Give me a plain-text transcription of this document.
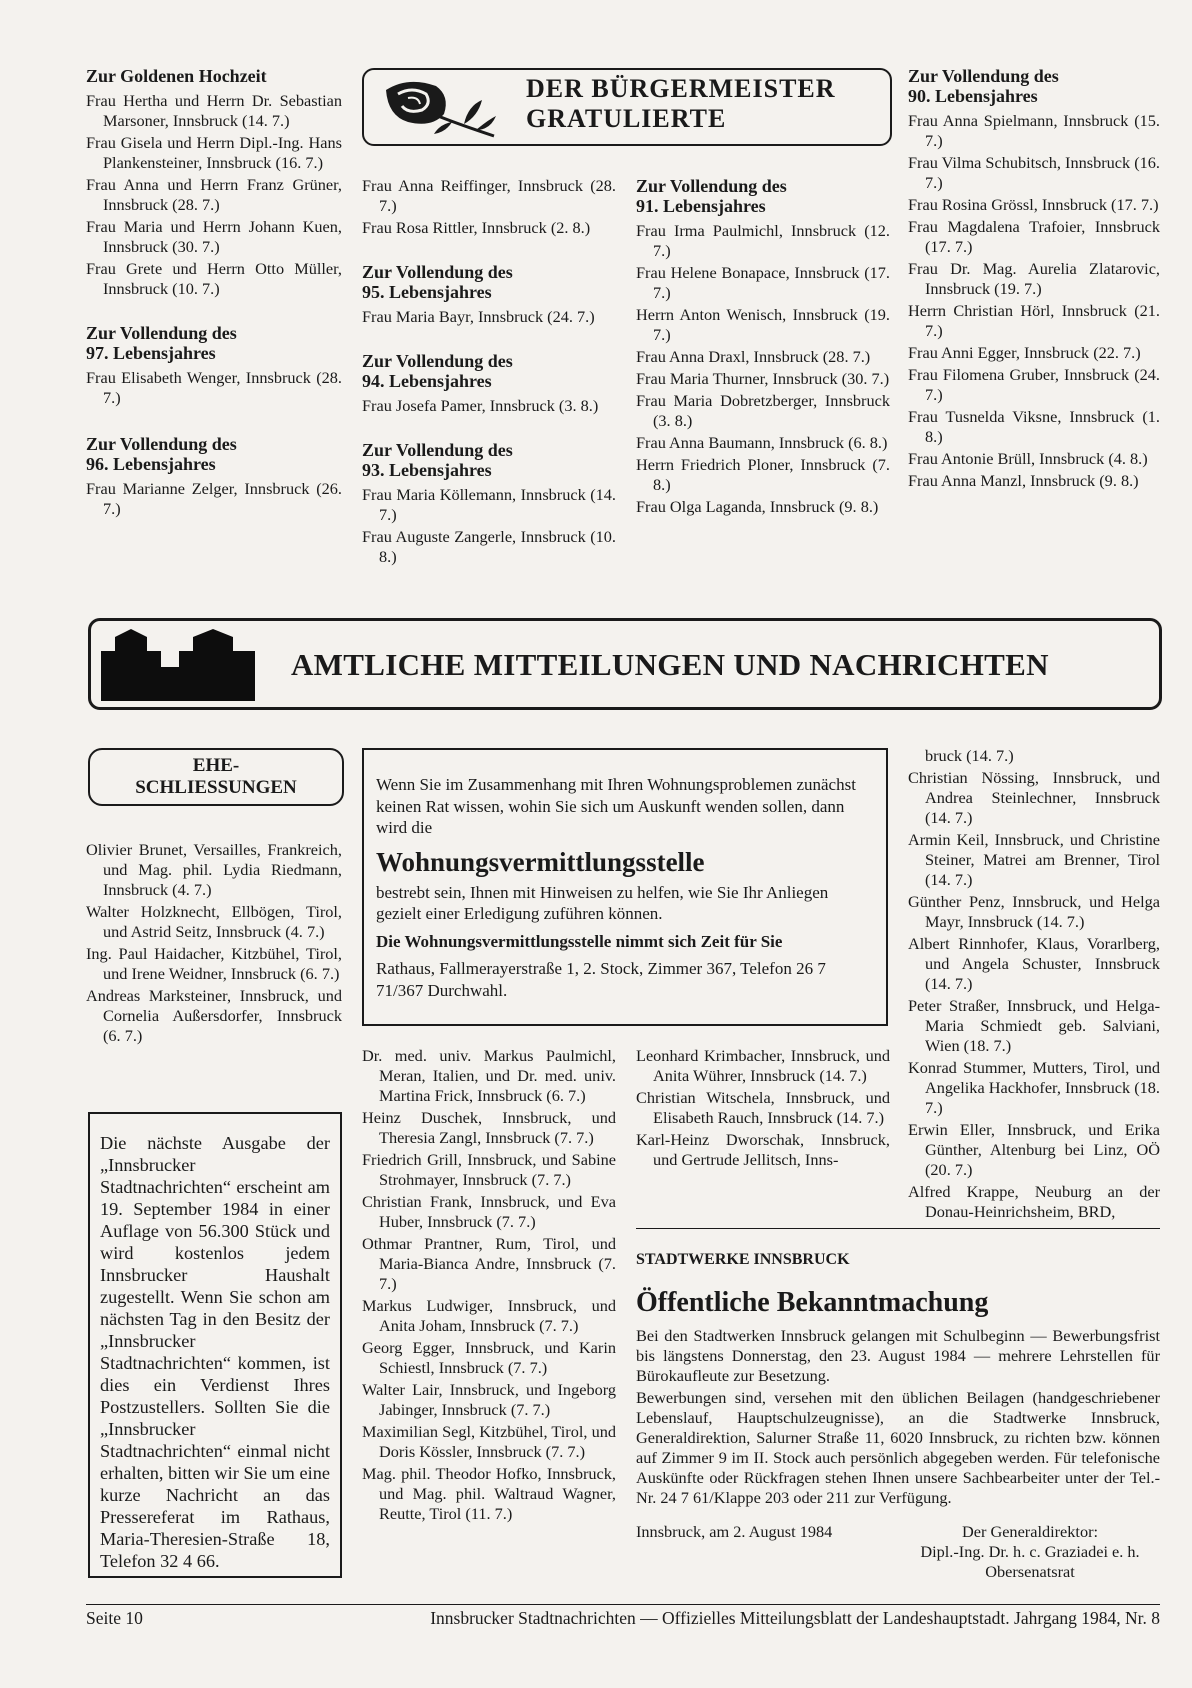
Zur Goldenen Hochzeit

Frau Hertha und Herrn Dr. Sebastian Marsoner, Innsbruck (14. 7.)

Frau Gisela und Herrn Dipl.-Ing. Hans Plankensteiner, Innsbruck (16. 7.)

Frau Anna und Herrn Franz Grüner, Innsbruck (28. 7.)

Frau Maria und Herrn Johann Kuen, Innsbruck (30. 7.)

Frau Grete und Herrn Otto Müller, Innsbruck (10. 7.)

Zur Vollendung des
97. Lebensjahres

Frau Elisabeth Wenger, Innsbruck (28. 7.)

Zur Vollendung des
96. Lebensjahres

Frau Marianne Zelger, Innsbruck (26. 7.)

DER BÜRGERMEISTER
GRATULIERTE

Frau Anna Reiffinger, Innsbruck (28. 7.)

Frau Rosa Rittler, Innsbruck (2. 8.)

Zur Vollendung des
95. Lebensjahres

Frau Maria Bayr, Innsbruck (24. 7.)

Zur Vollendung des
94. Lebensjahres

Frau Josefa Pamer, Innsbruck (3. 8.)

Zur Vollendung des
93. Lebensjahres

Frau Maria Köllemann, Innsbruck (14. 7.)

Frau Auguste Zangerle, Innsbruck (10. 8.)

Zur Vollendung des
91. Lebensjahres

Frau Irma Paulmichl, Innsbruck (12. 7.)

Frau Helene Bonapace, Innsbruck (17. 7.)

Herrn Anton Wenisch, Innsbruck (19. 7.)

Frau Anna Draxl, Innsbruck (28. 7.)

Frau Maria Thurner, Innsbruck (30. 7.)

Frau Maria Dobretzberger, Innsbruck (3. 8.)

Frau Anna Baumann, Innsbruck (6. 8.)

Herrn Friedrich Ploner, Innsbruck (7. 8.)

Frau Olga Laganda, Innsbruck (9. 8.)

Zur Vollendung des
90. Lebensjahres

Frau Anna Spielmann, Innsbruck (15. 7.)

Frau Vilma Schubitsch, Innsbruck (16. 7.)

Frau Rosina Grössl, Innsbruck (17. 7.)

Frau Magdalena Trafoier, Innsbruck (17. 7.)

Frau Dr. Mag. Aurelia Zlatarovic, Innsbruck (19. 7.)

Herrn Christian Hörl, Innsbruck (21. 7.)

Frau Anni Egger, Innsbruck (22. 7.)

Frau Filomena Gruber, Innsbruck (24. 7.)

Frau Tusnelda Viksne, Innsbruck (1. 8.)

Frau Antonie Brüll, Innsbruck (4. 8.)

Frau Anna Manzl, Innsbruck (9. 8.)

AMTLICHE MITTEILUNGEN UND NACHRICHTEN
EHE-
SCHLIESSUNGEN

Olivier Brunet, Versailles, Frankreich, und Mag. phil. Lydia Riedmann, Innsbruck (4. 7.)

Walter Holzknecht, Ellbögen, Tirol, und Astrid Seitz, Innsbruck (4. 7.)

Ing. Paul Haidacher, Kitzbühel, Tirol, und Irene Weidner, Innsbruck (6. 7.)

Andreas Marksteiner, Innsbruck, und Cornelia Außersdorfer, Innsbruck (6. 7.)

Die nächste Ausgabe der „Innsbrucker Stadtnachrichten“ erscheint am 19. September 1984 in einer Auflage von 56.300 Stück und wird kostenlos jedem Innsbrucker Haushalt zugestellt. Wenn Sie schon am nächsten Tag in den Besitz der „Innsbrucker Stadtnachrichten“ kommen, ist dies ein Verdienst Ihres Postzustellers. Sollten Sie die „Innsbrucker Stadtnachrichten“ einmal nicht erhalten, bitten wir Sie um eine kurze Nachricht an das Pressereferat im Rathaus, Maria-Theresien-Straße 18, Telefon 32 4 66.
Wenn Sie im Zusammenhang mit Ihren Wohnungsproblemen zunächst keinen Rat wissen, wohin Sie sich um Auskunft wenden sollen, dann wird die
Wohnungsvermittlungsstelle
bestrebt sein, Ihnen mit Hinweisen zu helfen, wie Sie Ihr Anliegen gezielt einer Erledigung zuführen können.
Die Wohnungsvermittlungsstelle nimmt sich Zeit für Sie
Rathaus, Fallmerayerstraße 1, 2. Stock, Zimmer 367, Telefon 26 7 71/367 Durchwahl.

Dr. med. univ. Markus Paulmichl, Meran, Italien, und Dr. med. univ. Martina Frick, Innsbruck (6. 7.)

Heinz Duschek, Innsbruck, und Theresia Zangl, Innsbruck (7. 7.)

Friedrich Grill, Innsbruck, und Sabine Strohmayer, Innsbruck (7. 7.)

Christian Frank, Innsbruck, und Eva Huber, Innsbruck (7. 7.)

Othmar Prantner, Rum, Tirol, und Maria-Bianca Andre, Innsbruck (7. 7.)

Markus Ludwiger, Innsbruck, und Anita Joham, Innsbruck (7. 7.)

Georg Egger, Innsbruck, und Karin Schiestl, Innsbruck (7. 7.)

Walter Lair, Innsbruck, und Ingeborg Jabinger, Innsbruck (7. 7.)

Maximilian Segl, Kitzbühel, Tirol, und Doris Kössler, Innsbruck (7. 7.)

Mag. phil. Theodor Hofko, Innsbruck, und Mag. phil. Waltraud Wagner, Reutte, Tirol (11. 7.)

Leonhard Krimbacher, Innsbruck, und Anita Wührer, Innsbruck (14. 7.)

Christian Witschela, Innsbruck, und Elisabeth Rauch, Innsbruck (14. 7.)

Karl-Heinz Dworschak, Innsbruck, und Gertrude Jellitsch, Inns-

bruck (14. 7.)

Christian Nössing, Innsbruck, und Andrea Steinlechner, Innsbruck (14. 7.)

Armin Keil, Innsbruck, und Christine Steiner, Matrei am Brenner, Tirol (14. 7.)

Günther Penz, Innsbruck, und Helga Mayr, Innsbruck (14. 7.)

Albert Rinnhofer, Klaus, Vorarlberg, und Angela Schuster, Innsbruck (14. 7.)

Peter Straßer, Innsbruck, und Helga-Maria Schmiedt geb. Salviani, Wien (18. 7.)

Konrad Stummer, Mutters, Tirol, und Angelika Hackhofer, Innsbruck (18. 7.)

Erwin Eller, Innsbruck, und Erika Günther, Altenburg bei Linz, OÖ (20. 7.)

Alfred Krappe, Neuburg an der Donau-Heinrichsheim, BRD,

STADTWERKE INNSBRUCK
Öffentliche Bekanntmachung
Bei den Stadtwerken Innsbruck gelangen mit Schulbeginn — Bewerbungsfrist bis längstens Donnerstag, den 23. August 1984 — mehrere Lehrstellen für Bürokaufleute zur Besetzung.
Bewerbungen sind, versehen mit den üblichen Beilagen (handgeschriebener Lebenslauf, Hauptschulzeugnisse), an die Stadtwerke Innsbruck, Generaldirektion, Salurner Straße 11, 6020 Innsbruck, zu richten bzw. können auf Zimmer 9 im II. Stock auch persönlich abgegeben werden. Für telefonische Auskünfte oder Rückfragen stehen Ihnen unsere Sachbearbeiter unter der Tel.-Nr. 24 7 61/Klappe 203 oder 211 zur Verfügung.
Innsbruck, am 2. August 1984	Der Generaldirektor:
Dipl.-Ing. Dr. h. c. Graziadei e. h.
Obersenatsrat
Seite 10	Innsbrucker Stadtnachrichten — Offizielles Mitteilungsblatt der Landeshauptstadt. Jahrgang 1984, Nr. 8
